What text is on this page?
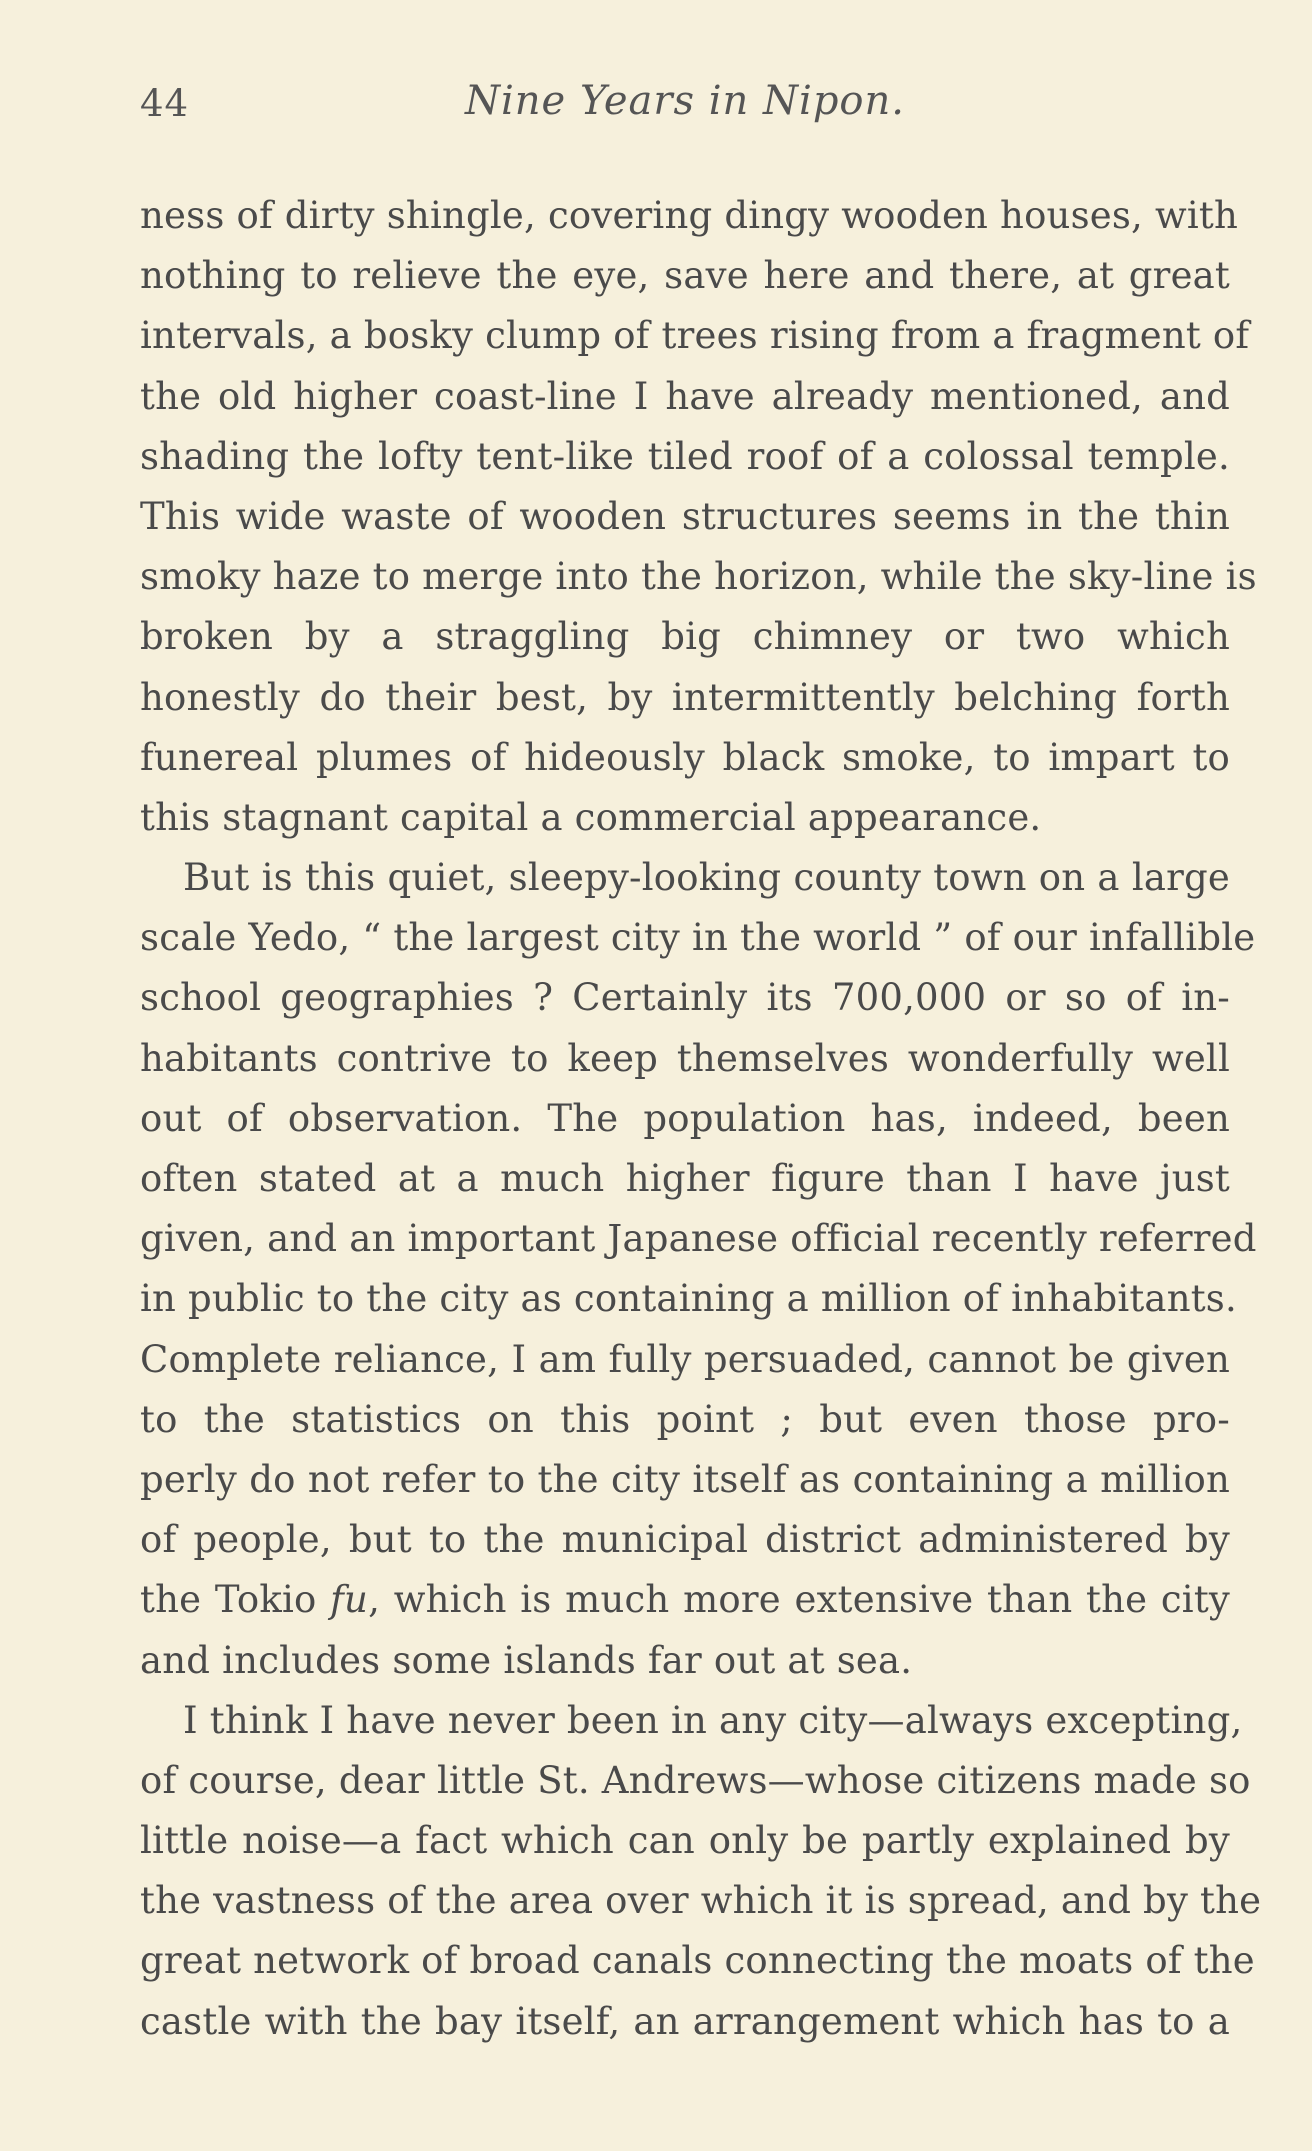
44	Nine Years in Nipon.
ness of dirty shingle, covering dingy wooden houses, with
nothing to relieve the eye, save here and there, at great
intervals, a bosky clump of trees rising from a fragment of
the old higher coast-line I have already mentioned, and
shading the lofty tent-like tiled roof of a colossal temple.
This wide waste of wooden structures seems in the thin
smoky haze to merge into the horizon, while the sky-line is
broken by a straggling big chimney or two which
honestly do their best, by intermittently belching forth
funereal plumes of hideously black smoke, to impart to
this stagnant capital a commercial appearance.
But is this quiet, sleepy-looking county town on a large
scale Yedo, “ the largest city in the world ” of our infallible
school geographies ? Certainly its 700,000 or so of in-
habitants contrive to keep themselves wonderfully well
out of observation. The population has, indeed, been
often stated at a much higher figure than I have just
given, and an important Japanese official recently referred
in public to the city as containing a million of inhabitants.
Complete reliance, I am fully persuaded, cannot be given
to the statistics on this point ; but even those pro-
perly do not refer to the city itself as containing a million
of people, but to the municipal district administered by
the Tokio fu, which is much more extensive than the city
and includes some islands far out at sea.
I think I have never been in any city—always excepting,
of course, dear little St. Andrews—whose citizens made so
little noise—a fact which can only be partly explained by
the vastness of the area over which it is spread, and by the
great network of broad canals connecting the moats of the
castle with the bay itself, an arrangement which has to a
